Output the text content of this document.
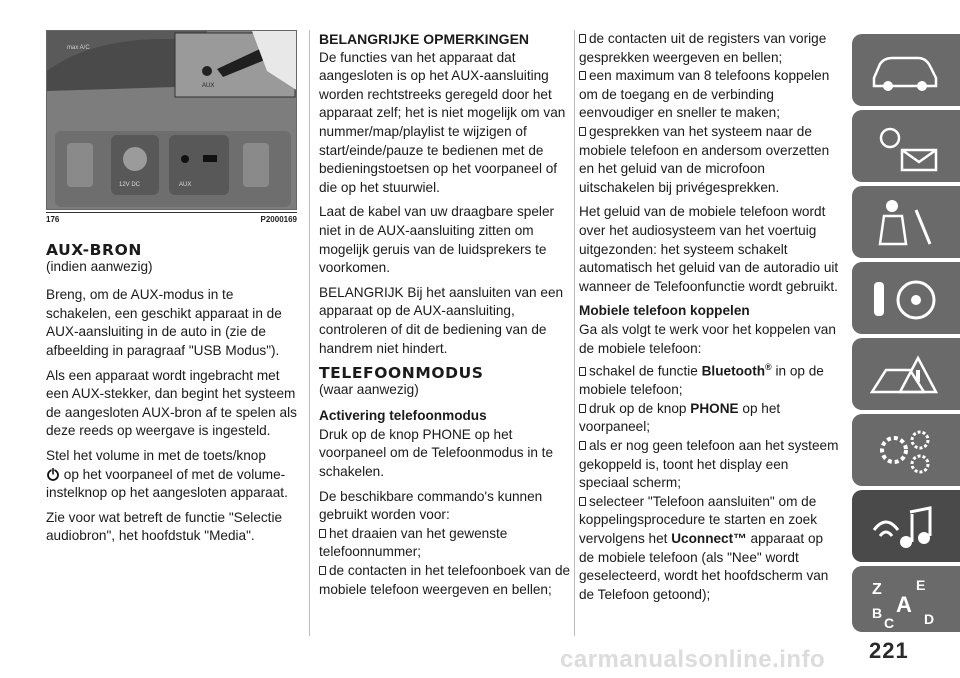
max A/C
AUX
12V DC	AUX
176	P2000169
AUX-BRON

(indien aanwezig)

Breng, om de AUX-modus in te schakelen, een geschikt apparaat in de AUX-aansluiting in de auto in (zie de afbeelding in paragraaf "USB Modus").

Als een apparaat wordt ingebracht met een AUX-stekker, dan begint het systeem de aangesloten AUX-bron af te spelen als deze reeds op weergave is ingesteld.

Stel het volume in met de toets/knop
op het voorpaneel of met de volume-instelknop op het aangesloten apparaat.

Zie voor wat betreft de functie "Selectie audiobron", het hoofdstuk "Media".

BELANGRIJKE OPMERKINGEN

De functies van het apparaat dat aangesloten is op het AUX-aansluiting worden rechtstreeks geregeld door het apparaat zelf; het is niet mogelijk om van nummer/map/playlist te wijzigen of start/einde/pauze te bedienen met de bedieningstoetsen op het voorpaneel of die op het stuurwiel.

Laat de kabel van uw draagbare speler niet in de AUX-aansluiting zitten om mogelijk geruis van de luidsprekers te voorkomen.

BELANGRIJK Bij het aansluiten van een apparaat op de AUX-aansluiting, controleren of dit de bediening van de handrem niet hindert.

TELEFOONMODUS

(waar aanwezig)

Activering telefoonmodus

Druk op de knop PHONE op het voorpaneel om de Telefoonmodus in te schakelen.

De beschikbare commando's kunnen gebruikt worden voor:

het draaien van het gewenste telefoonnummer;
de contacten in het telefoonboek van de mobiele telefoon weergeven en bellen;
de contacten uit de registers van vorige gesprekken weergeven en bellen;
een maximum van 8 telefoons koppelen om de toegang en de verbinding eenvoudiger en sneller te maken;
gesprekken van het systeem naar de mobiele telefoon en andersom overzetten en het geluid van de microfoon uitschakelen bij privégesprekken.

Het geluid van de mobiele telefoon wordt over het audiosysteem van het voertuig uitgezonden: het systeem schakelt automatisch het geluid van de autoradio uit wanneer de Telefoonfunctie wordt gebruikt.

Mobiele telefoon koppelen

Ga als volgt te werk voor het koppelen van de mobiele telefoon:

schakel de functie Bluetooth® in op de mobiele telefoon;
druk op de knop PHONE op het voorpaneel;
als er nog geen telefoon aan het systeem gekoppeld is, toont het display een speciaal scherm;
selecteer "Telefoon aansluiten" om de koppelingsprocedure te starten en zoek vervolgens het Uconnect™ apparaat op de mobiele telefoon (als "Nee" wordt geselecteerd, wordt het hoofdscherm van de Telefoon getoond);	Z E
A
B
C D
carmanualsonline.info 221
